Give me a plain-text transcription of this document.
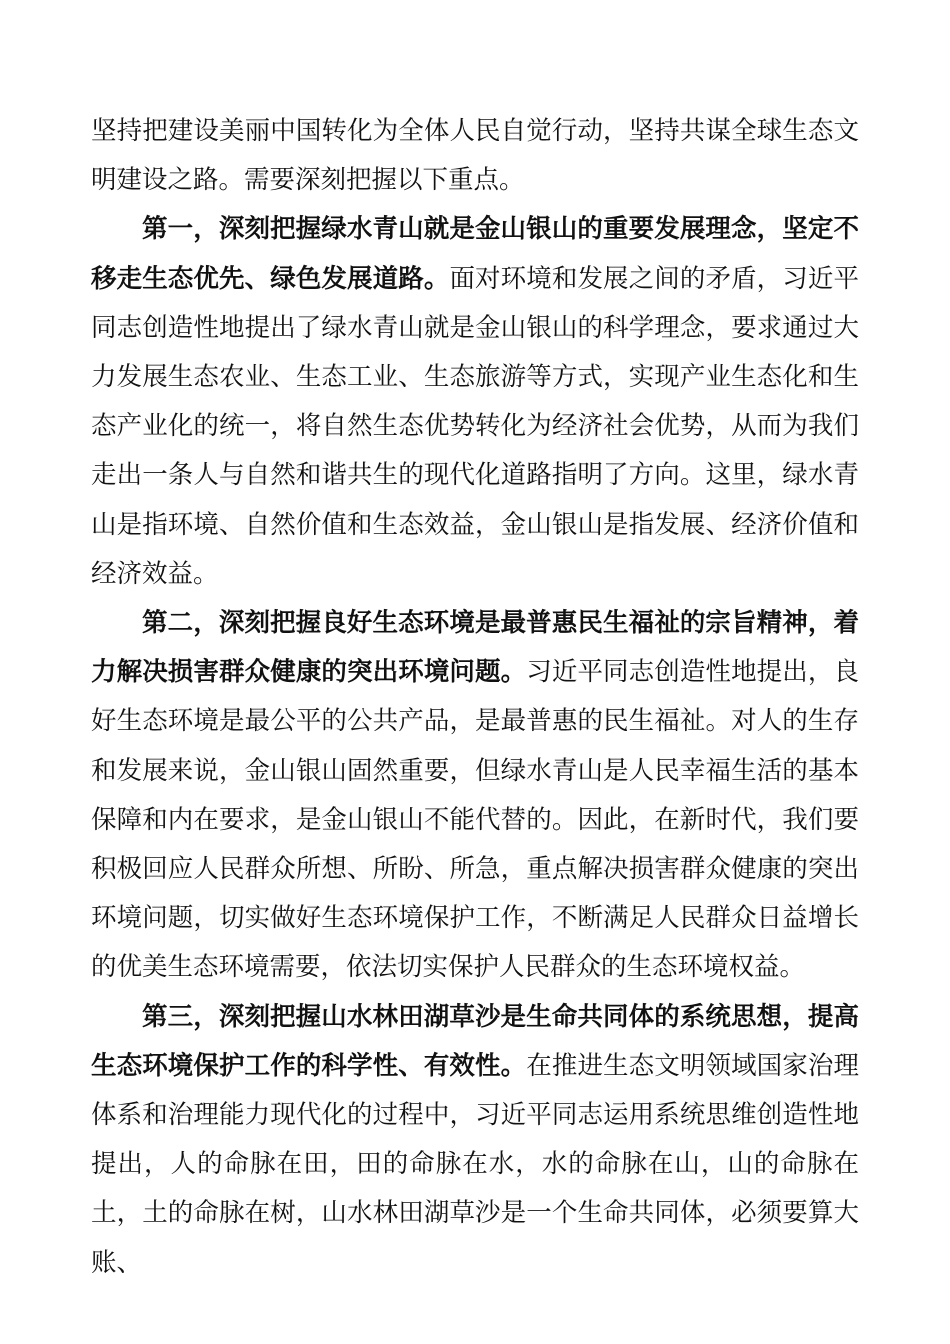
坚持把建设美丽中国转化为全体人民自觉行动，坚持共谋全球生态文明建设之路。需要深刻把握以下重点。

第一，深刻把握绿水青山就是金山银山的重要发展理念，坚定不移走生态优先、绿色发展道路。面对环境和发展之间的矛盾，习近平同志创造性地提出了绿水青山就是金山银山的科学理念，要求通过大力发展生态农业、生态工业、生态旅游等方式，实现产业生态化和生态产业化的统一，将自然生态优势转化为经济社会优势，从而为我们走出一条人与自然和谐共生的现代化道路指明了方向。这里，绿水青山是指环境、自然价值和生态效益，金山银山是指发展、经济价值和经济效益。

第二，深刻把握良好生态环境是最普惠民生福祉的宗旨精神，着力解决损害群众健康的突出环境问题。习近平同志创造性地提出，良好生态环境是最公平的公共产品，是最普惠的民生福祉。对人的生存和发展来说，金山银山固然重要，但绿水青山是人民幸福生活的基本保障和内在要求，是金山银山不能代替的。因此，在新时代，我们要积极回应人民群众所想、所盼、所急，重点解决损害群众健康的突出环境问题，切实做好生态环境保护工作，不断满足人民群众日益增长的优美生态环境需要，依法切实保护人民群众的生态环境权益。

第三，深刻把握山水林田湖草沙是生命共同体的系统思想，提高生态环境保护工作的科学性、有效性。在推进生态文明领域国家治理体系和治理能力现代化的过程中，习近平同志运用系统思维创造性地提出，人的命脉在田，田的命脉在水，水的命脉在山，山的命脉在土，土的命脉在树，山水林田湖草沙是一个生命共同体，必须要算大账、
